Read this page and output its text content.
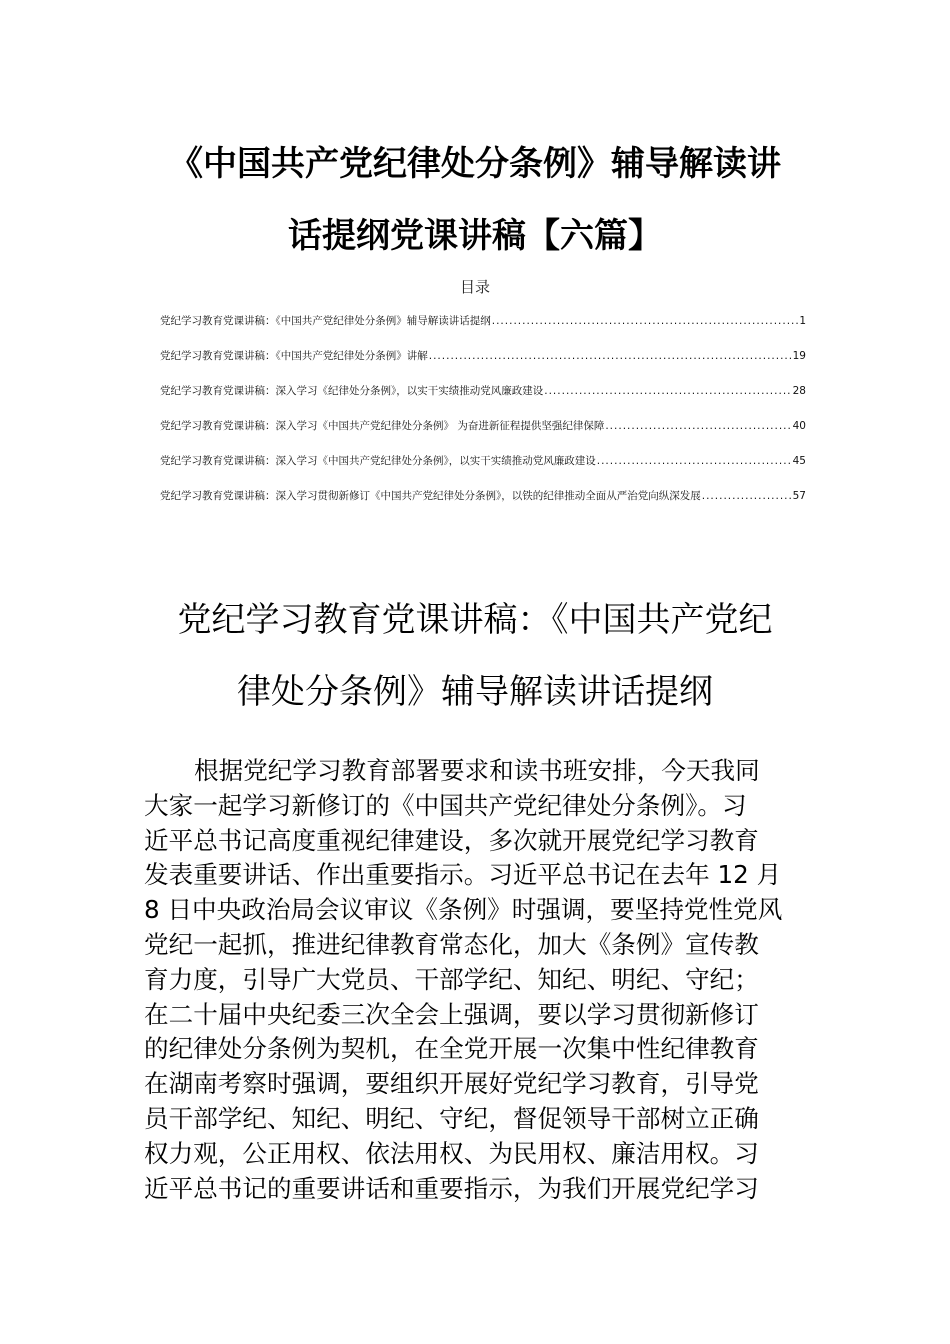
《中国共产党纪律处分条例》辅导解读讲
话提纲党课讲稿【六篇】
目录
党纪学习教育党课讲稿：《中国共产党纪律处分条例》辅导解读讲话提纲 .....	1
党纪学习教育党课讲稿：《中国共产党纪律处分条例》讲解 .....	19
党纪学习教育党课讲稿：深入学习《纪律处分条例》，以实干实绩推动党风廉政建设 .....	28
党纪学习教育党课讲稿：深入学习《中国共产党纪律处分条例》 为奋进新征程提供坚强纪律保障 .....	40
党纪学习教育党课讲稿：深入学习《中国共产党纪律处分条例》，以实干实绩推动党风廉政建设 .....	45
党纪学习教育党课讲稿：深入学习贯彻新修订《中国共产党纪律处分条例》，以铁的纪律推动全面从严治党向纵深发展 .....	57
党纪学习教育党课讲稿：《中国共产党纪
律处分条例》辅导解读讲话提纲
根据党纪学习教育部署要求和读书班安排，今天我同
大家一起学习新修订的《中国共产党纪律处分条例》。习
近平总书记高度重视纪律建设，多次就开展党纪学习教育
发表重要讲话、作出重要指示。习近平总书记在去年 12 月
8 日中央政治局会议审议《条例》时强调，要坚持党性党风
党纪一起抓，推进纪律教育常态化，加大《条例》宣传教
育力度，引导广大党员、干部学纪、知纪、明纪、守纪；
在二十届中央纪委三次全会上强调，要以学习贯彻新修订
的纪律处分条例为契机，在全党开展一次集中性纪律教育
在湖南考察时强调，要组织开展好党纪学习教育，引导党
员干部学纪、知纪、明纪、守纪，督促领导干部树立正确
权力观，公正用权、依法用权、为民用权、廉洁用权。习
近平总书记的重要讲话和重要指示，为我们开展党纪学习
